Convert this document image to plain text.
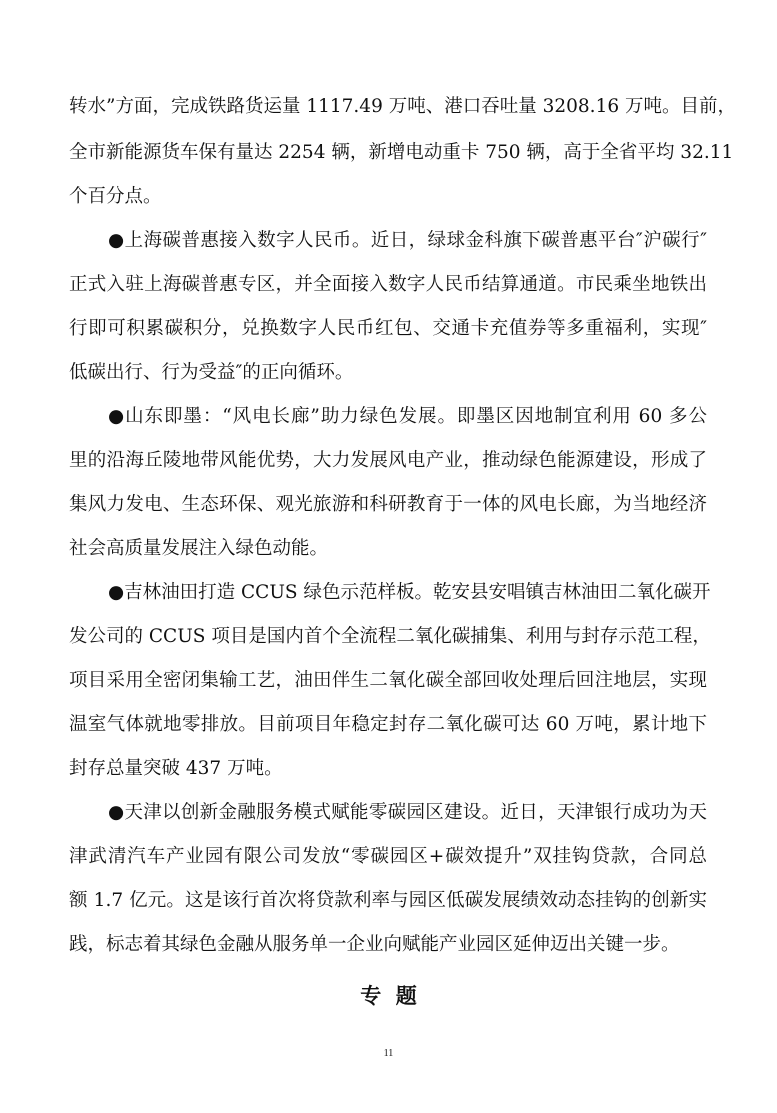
转水”方面，完成铁路货运量 1117.49 万吨、港口吞吐量 3208.16 万吨。目前，
全市新能源货车保有量达 2254 辆，新增电动重卡 750 辆，高于全省平均 32.11
个百分点。
●上海碳普惠接入数字人民币。近日，绿球金科旗下碳普惠平台″沪碳行″
正式入驻上海碳普惠专区，并全面接入数字人民币结算通道。市民乘坐地铁出
行即可积累碳积分，兑换数字人民币红包、交通卡充值券等多重福利，实现″
低碳出行、行为受益″的正向循环。
●山东即墨：“风电长廊”助力绿色发展。即墨区因地制宜利用 60 多公
里的沿海丘陵地带风能优势，大力发展风电产业，推动绿色能源建设，形成了
集风力发电、生态环保、观光旅游和科研教育于一体的风电长廊，为当地经济
社会高质量发展注入绿色动能。
●吉林油田打造 CCUS 绿色示范样板。乾安县安唱镇吉林油田二氧化碳开
发公司的 CCUS 项目是国内首个全流程二氧化碳捕集、利用与封存示范工程，
项目采用全密闭集输工艺，油田伴生二氧化碳全部回收处理后回注地层，实现
温室气体就地零排放。目前项目年稳定封存二氧化碳可达 60 万吨，累计地下
封存总量突破 437 万吨。
●天津以创新金融服务模式赋能零碳园区建设。近日，天津银行成功为天
津武清汽车产业园有限公司发放“零碳园区+碳效提升”双挂钩贷款，合同总
额 1.7 亿元。这是该行首次将贷款利率与园区低碳发展绩效动态挂钩的创新实
践，标志着其绿色金融从服务单一企业向赋能产业园区延伸迈出关键一步。
专  题
11
